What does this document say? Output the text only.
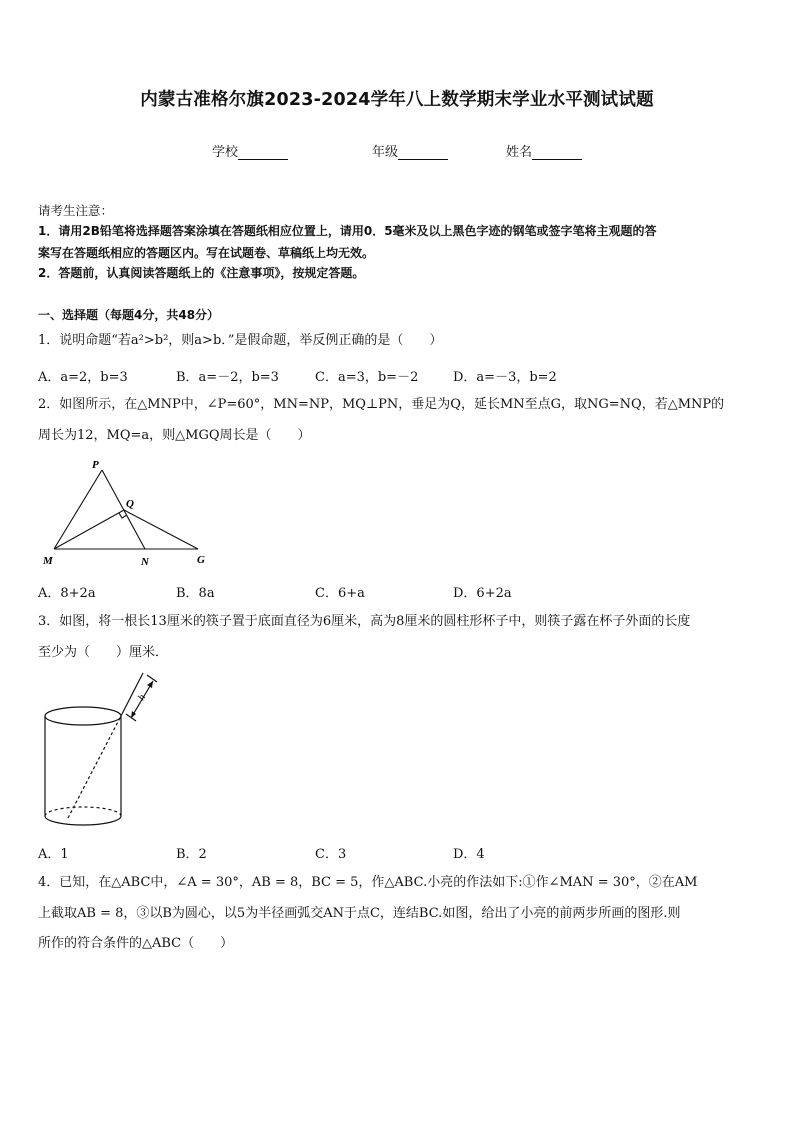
内蒙古准格尔旗2023-2024学年八上数学期末学业水平测试试题
学校	年级	姓名
请考生注意：
1．请用2B铅笔将选择题答案涂填在答题纸相应位置上，请用0．5毫米及以上黑色字迹的钢笔或签字笔将主观题的答
案写在答题纸相应的答题区内。写在试题卷、草稿纸上均无效。
2．答题前，认真阅读答题纸上的《注意事项》，按规定答题。
一、选择题（每题4分，共48分）
1．说明命题“若a²>b²，则a>b．”是假命题，举反例正确的是（　　）
A．a=2，b=3	B．a=－2，b=3	C．a=3，b=－2	D．a=－3，b=2
2．如图所示，在△MNP中，∠P=60°，MN=NP，MQ⊥PN，垂足为Q，延长MN至点G，取NG=NQ，若△MNP的
周长为12，MQ=a，则△MGQ周长是（　　）
P
Q
M	N	G
A．8+2a	B．8a	C．6+a	D．6+2a
3．如图，将一根长13厘米的筷子置于底面直径为6厘米，高为8厘米的圆柱形杯子中，则筷子露在杯子外面的长度
至少为（　　）厘米．
h
A．1	B．2	C．3	D．4
4．已知，在△ABC中，∠A = 30°，AB = 8，BC = 5，作△ABC.小亮的作法如下:①作∠MAN = 30°，②在AM
上截取AB = 8，③以B为圆心，以5为半径画弧交AN于点C，连结BC.如图，给出了小亮的前两步所画的图形.则
所作的符合条件的△ABC（　　）
